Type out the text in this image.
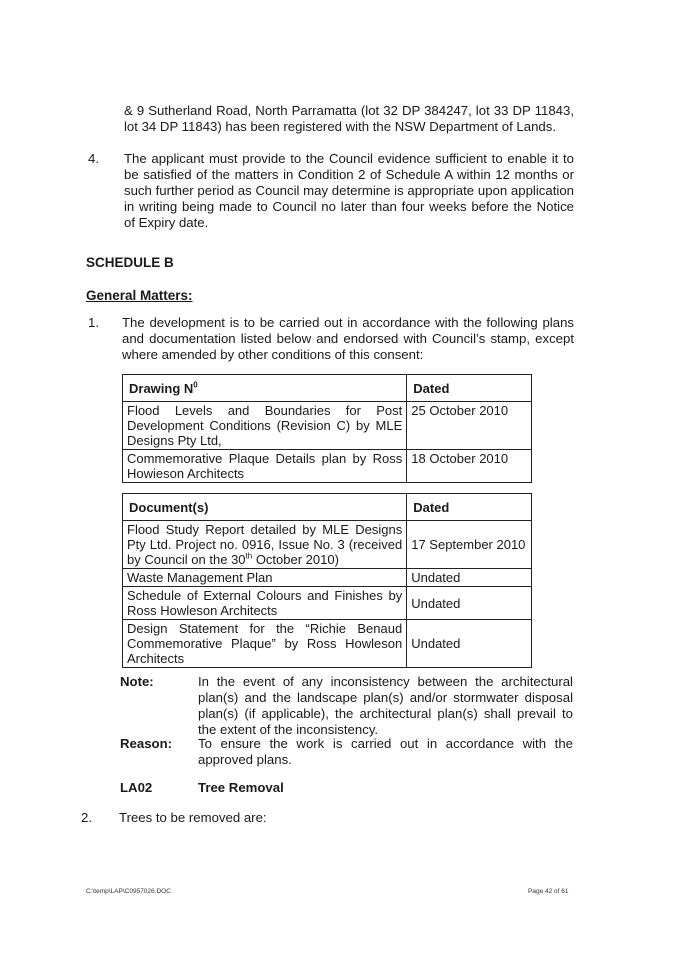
& 9 Sutherland Road, North Parramatta (lot 32 DP 384247, lot 33 DP 11843, lot 34 DP 11843) has been registered with the NSW Department of Lands.

4. The applicant must provide to the Council evidence sufficient to enable it to be satisfied of the matters in Condition 2 of Schedule A within 12 months or such further period as Council may determine is appropriate upon application in writing being made to Council no later than four weeks before the Notice of Expiry date.

SCHEDULE B
General Matters:
1. The development is to be carried out in accordance with the following plans and documentation listed below and endorsed with Council’s stamp, except where amended by other conditions of this consent:

Drawing $N^0$	Dated
Flood Levels and Boundaries for Post Development Conditions (Revision C) by MLE Designs Pty Ltd,	25 October 2010
Commemorative Plaque Details plan by Ross Howieson Architects	18 October 2010
Document(s)	Dated
Flood Study Report detailed by MLE Designs Pty Ltd. Project no. 0916, Issue No. 3 (received by Council on the 30th October 2010)	17 September 2010
Waste Management Plan	Undated
Schedule of External Colours and Finishes by Ross Howleson Architects	Undated
Design Statement for the “Richie Benaud Commemorative Plaque” by Ross Howleson Architects	Undated
Note:	In the event of any inconsistency between the architectural plan(s) and the landscape plan(s) and/or stormwater disposal plan(s) (if applicable), the architectural plan(s) shall prevail to the extent of the inconsistency.

Reason: To ensure the work is carried out in accordance with the approved plans.

LA02	Tree Removal
2. Trees to be removed are:

C:\temp\LAP\C0957026.DOC	Page 42 of 61
